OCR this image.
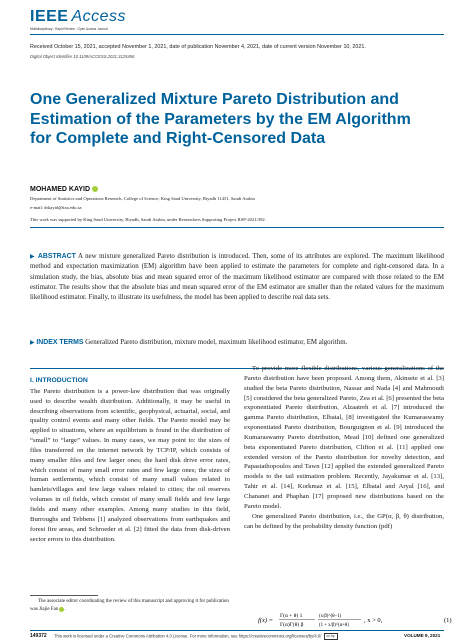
IEEE Access
Multidisciplinary : Rapid Review : Open Access Journal
Received October 15, 2021, accepted November 1, 2021, date of publication November 4, 2021, date of current version November 10, 2021.
Digital Object Identifier 10.1109/ACCESS.2021.3125456
One Generalized Mixture Pareto Distribution and Estimation of the Parameters by the EM Algorithm for Complete and Right-Censored Data
MOHAMED KAYID
Department of Statistics and Operations Research, College of Science, King Saud University, Riyadh 11451, Saudi Arabia
e-mail: drkayid@ksu.edu.sa
This work was supported by King Saud University, Riyadh, Saudi Arabia, under Researchers Supporting Project RSP-2021/392.
▶ ABSTRACT A new mixture generalized Pareto distribution is introduced. Then, some of its attributes are explored. The maximum likelihood method and expectation maximization (EM) algorithm have been applied to estimate the parameters for complete and right-censored data. In a simulation study, the bias, absolute bias and mean squared error of the maximum likelihood estimator are compared with those related to the EM estimator. The results show that the absolute bias and mean squared error of the EM estimator are smaller than the related values for the maximum likelihood estimator. Finally, to illustrate its usefulness, the model has been applied to describe real data sets.
▶ INDEX TERMS Generalized Pareto distribution, mixture model, maximum likelihood estimator, EM algorithm.
I. INTRODUCTION

The Pareto distribution is a power-law distribution that was originally used to describe wealth distribution. Additionally, it may be useful in describing observations from scientific, geophysical, actuarial, social, and quality control events and many other fields. The Pareto model may be applied to situations, where an equilibrium is found in the distribution of “small” to “large” values. In many cases, we may point to: the sizes of files transferred on the internet network by TCP/IP, which consists of many smaller files and few larger ones; the hard disk drive error rates, which consist of many small error rates and few large ones; the sizes of human settlements, which consist of many small values related to hamlets/villages and few large values related to cities; the oil reserves volumes in oil fields, which consist of many small fields and few large fields and many other examples. Among many studies in this field, Burroughs and Tebbens [1] analyzed observations from earthquakes and forest fire areas, and Schroeder et al. [2] fitted the data from disk-driven sector errors to this distribution.

To provide more flexible distributions, various generalizations of the Pareto distribution have been proposed. Among them, Akinsete et al. [3] studied the beta Pareto distribution, Nassar and Nada [4] and Mahmoudi [5] considered the beta generalized Pareto, Zea et al. [6] presented the beta exponentiated Pareto distribution, Alzaatreh et al. [7] introduced the gamma Pareto distribution, Elbatal, [8] investigated the Kumaraswamy exponentiated Pareto distribution, Bourguignon et al. [9] introduced the Kumaraswamy Pareto distribution, Mead [10] defined one generalized beta exponentiated Pareto distribution, Clifton et al. [11] applied one extended version of the Pareto distribution for novelty detection, and Papastathopoulos and Tawn [12] applied the extended generalized Pareto models to the tail estimation problem. Recently, Jayakumar et al. [13], Tahir et al. [14], Korkmaz et al. [15], Elbatal and Aryal [16], and Chananet and Phaphan [17] proposed new distributions based on the Pareto model.

One generalized Pareto distribution, i.e., the GP(α, β, θ) distribution, can be defined by the probability density function (pdf)

f(x) =
Γ(α + θ) 1
Γ(α)Γ(θ) β
(x/β)^(θ−1)
(1 + x/β)^(α+θ)
, x > 0,	(1)
The associate editor coordinating the review of this manuscript and approving it for publication was Jiajie Fan .
149372 This work is licensed under a Creative Commons Attribution 4.0 License. For more information, see https://creativecommons.org/licenses/by/4.0/ cc by	VOLUME 9, 2021
